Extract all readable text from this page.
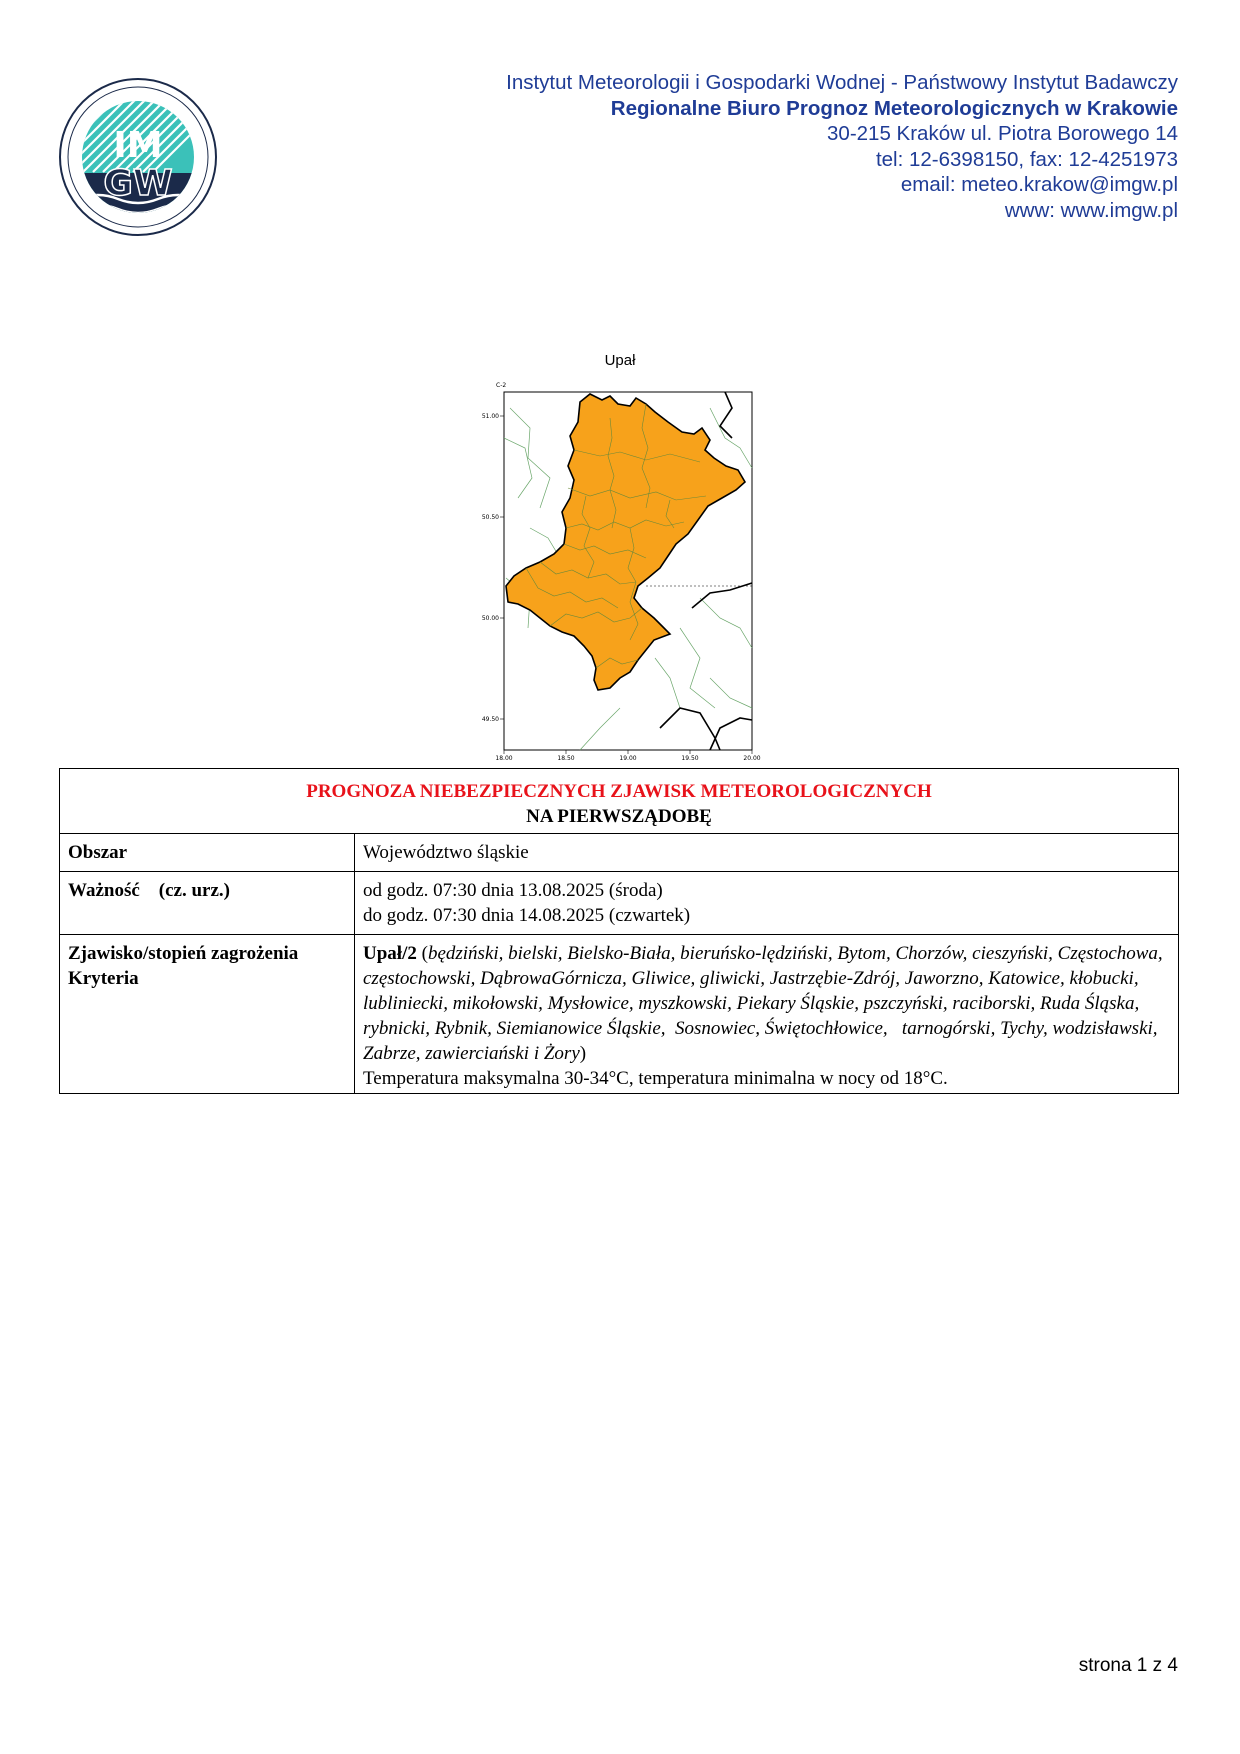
IM
GW
Instytut Meteorologii i Gospodarki Wodnej - Państwowy Instytut Badawczy
Regionalne Biuro Prognoz Meteorologicznych w Krakowie
30-215 Kraków ul. Piotra Borowego 14
tel: 12-6398150, fax: 12-4251973
email: meteo.krakow@imgw.pl
www: www.imgw.pl
Upał
C-2
51.00
50.50
50.00
49.50
18.00	18.50	19.00	19.50	20.00
PROGNOZA NIEBEZPIECZNYCH ZJAWISK METEOROLOGICZNYCH
NA PIERWSZĄDOBĘ	

Obszar	Województwo śląskie
Ważność    (cz. urz.)	od godz. 07:30 dnia 13.08.2025 (środa)
do godz. 07:30 dnia 14.08.2025 (czwartek)

Zjawisko/stopień zagrożenia
Kryteria	Upał/2 (będziński, bielski, Bielsko-Biała, bieruńsko-lędziński, Bytom, Chorzów, cieszyński, Częstochowa, częstochowski, DąbrowaGórnicza, Gliwice, gliwicki, Jastrzębie-Zdrój, Jaworzno, Katowice, kłobucki, lubliniecki, mikołowski, Mysłowice, myszkowski, Piekary Śląskie, pszczyński, raciborski, Ruda Śląska,  rybnicki, Rybnik, Siemianowice Śląskie,  Sosnowiec, Świętochłowice,   tarnogórski, Tychy, wodzisławski, Zabrze, zawierciański i Żory)
Temperatura maksymalna 30-34°C, temperatura minimalna w nocy od 18°C.
strona 1 z 4
